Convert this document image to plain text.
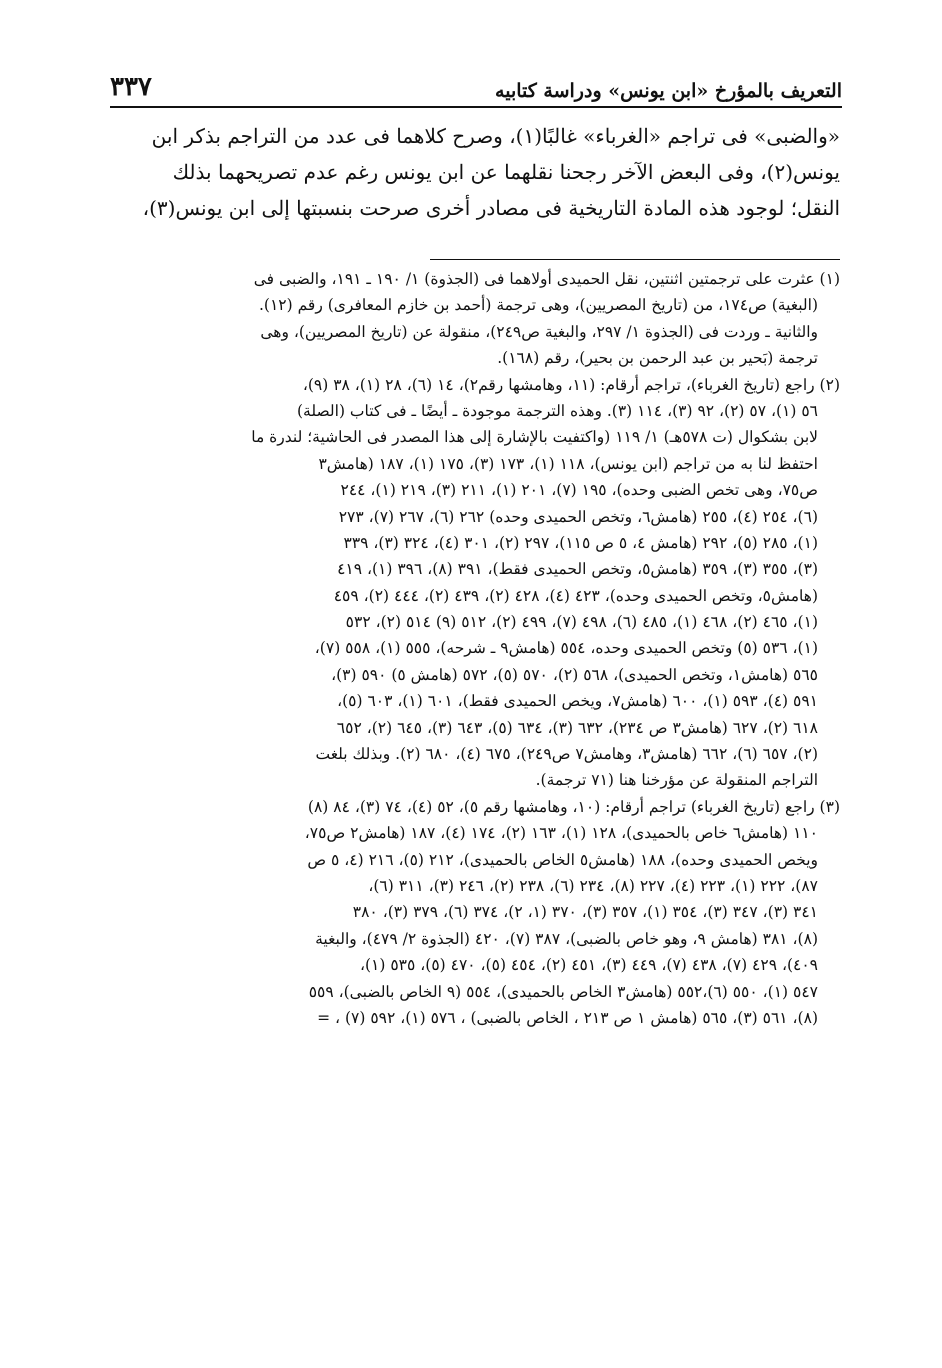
التعريف بالمؤرخ «ابن يونس» ودراسة كتابيه
٣٣٧
«والضبى» فى تراجم «الغرباء» غالبًا(١)، وصرح كلاهما فى عدد من التراجم بذكر ابن
يونس(٢)، وفى البعض الآخر رجحنا نقلهما عن ابن يونس رغم عدم تصريحهما بذلك
النقل؛ لوجود هذه المادة التاريخية فى مصادر أخرى صرحت بنسبتها إلى ابن يونس(٣)،
(١) عثرت على ترجمتين اثنتين، نقل الحميدى أولاهما فى (الجذوة) ١/ ١٩٠ ـ ١٩١، والضبى فى
(البغية) ص١٧٤، من (تاريخ المصريين)، وهى ترجمة (أحمد بن خازم المعافرى) رقم (١٢).
والثانية ـ وردت فى (الجذوة ١/ ٢٩٧، والبغية ص٢٤٩)، منقولة عن (تاريخ المصريين)، وهى
ترجمة (بَحير بن عبد الرحمن بن بحير)، رقم (١٦٨).
(٢) راجع (تاريخ الغرباء)، تراجم أرقام: (١١، وهامشها رقم٢)، ١٤ (٦)، ٢٨ (١)، ٣٨ (٩)،
٥٦ (١)، ٥٧ (٢)، ٩٢ (٣)، ١١٤ (٣). وهذه الترجمة موجودة ـ أيضًا ـ فى كتاب (الصلة)
لابن بشكوال (ت ٥٧٨هـ) ١/ ١١٩ (واكتفيت بالإشارة إلى هذا المصدر فى الحاشية؛ لندرة ما
احتفظ لنا به من تراجم (ابن يونس)، ١١٨ (١)، ١٧٣ (٣)، ١٧٥ (١)، ١٨٧ (هامش٣
ص٧٥، وهى تخص الضبى وحده)، ١٩٥ (٧)، ٢٠١ (١)، ٢١١ (٣)، ٢١٩ (١)، ٢٤٤
(٦)، ٢٥٤ (٤)، ٢٥٥ (هامش٦، وتخص الحميدى وحده) ٢٦٢ (٦)، ٢٦٧ (٧)، ٢٧٣
(١)، ٢٨٥ (٥)، ٢٩٢ (هامش ٤، ٥ ص ١١٥)، ٢٩٧ (٢)، ٣٠١ (٤)، ٣٢٤ (٣)، ٣٣٩
(٣)، ٣٥٥ (٣)، ٣٥٩ (هامش٥، وتخص الحميدى فقط)، ٣٩١ (٨)، ٣٩٦ (١)، ٤١٩
(هامش٥، وتخص الحميدى وحده)، ٤٢٣ (٤)، ٤٢٨ (٢)، ٤٣٩ (٢)، ٤٤٤ (٢)، ٤٥٩
(١)، ٤٦٥ (٢)، ٤٦٨ (١)، ٤٨٥ (٦)، ٤٩٨ (٧)، ٤٩٩ (٢)، ٥١٢ (٩) ٥١٤ (٢)، ٥٣٢
(١)، ٥٣٦ (٥) وتخص الحميدى وحده، ٥٥٤ (هامش٩ ـ شرحه)، ٥٥٥ (١)، ٥٥٨ (٧)،
٥٦٥ (هامش١، وتخص الحميدى)، ٥٦٨ (٢)، ٥٧٠ (٥)، ٥٧٢ (هامش ٥) ٥٩٠ (٣)،
٥٩١ (٤)، ٥٩٣ (١)، ٦٠٠ (هامش٧، ويخص الحميدى فقط)، ٦٠١ (١)، ٦٠٣ (٥)،
٦١٨ (٢)، ٦٢٧ (هامش٣ ص ٢٣٤)، ٦٣٢ (٣)، ٦٣٤ (٥)، ٦٤٣ (٣)، ٦٤٥ (٢)، ٦٥٢
(٢)، ٦٥٧ (٦)، ٦٦٢ (هامش٣، وهامش٧ ص٢٤٩)، ٦٧٥ (٤)، ٦٨٠ (٢). وبذلك بلغت
التراجم المنقولة عن مؤرخنا هنا (٧١ ترجمة).
(٣) راجع (تاريخ الغرباء) تراجم أرقام: (١٠، وهامشها رقم ٥)، ٥٢ (٤)، ٧٤ (٣)، ٨٤ (٨)
١١٠ (هامش٦ خاص بالحميدى)، ١٢٨ (١)، ١٦٣ (٢)، ١٧٤ (٤)، ١٨٧ (هامش٢ ص٧٥،
ويخص الحميدى وحده)، ١٨٨ (هامش٥ الخاص بالحميدى)، ٢١٢ (٥)، ٢١٦ (٤، ٥ ص
٨٧)، ٢٢٢ (١)، ٢٢٣ (٤)، ٢٢٧ (٨)، ٢٣٤ (٦)، ٢٣٨ (٢)، ٢٤٦ (٣)، ٣١١ (٦)،
٣٤١ (٣)، ٣٤٧ (٣)، ٣٥٤ (١)، ٣٥٧ (٣)، ٣٧٠ (١، ٢)، ٣٧٤ (٦)، ٣٧٩ (٣)، ٣٨٠
(٨)، ٣٨١ (هامش ٩، وهو خاص بالضبى)، ٣٨٧ (٧)، ٤٢٠ (الجذوة ٢/ ٤٧٩)، والبغية
٤٠٩)، ٤٢٩ (٧)، ٤٣٨ (٧)، ٤٤٩ (٣)، ٤٥١ (٢)، ٤٥٤ (٥)، ٤٧٠ (٥)، ٥٣٥ (١)،
٥٤٧ (١)، ٥٥٠ (٦)،٥٥٢ (هامش٣ الخاص بالحميدى)، ٥٥٤ (٩ الخاص بالضبى)، ٥٥٩
(٨)، ٥٦١ (٣)، ٥٦٥ (هامش ١ ص ٢١٣ ، الخاص بالضبى) ، ٥٧٦ (١)، ٥٩٢ (٧) ، =
